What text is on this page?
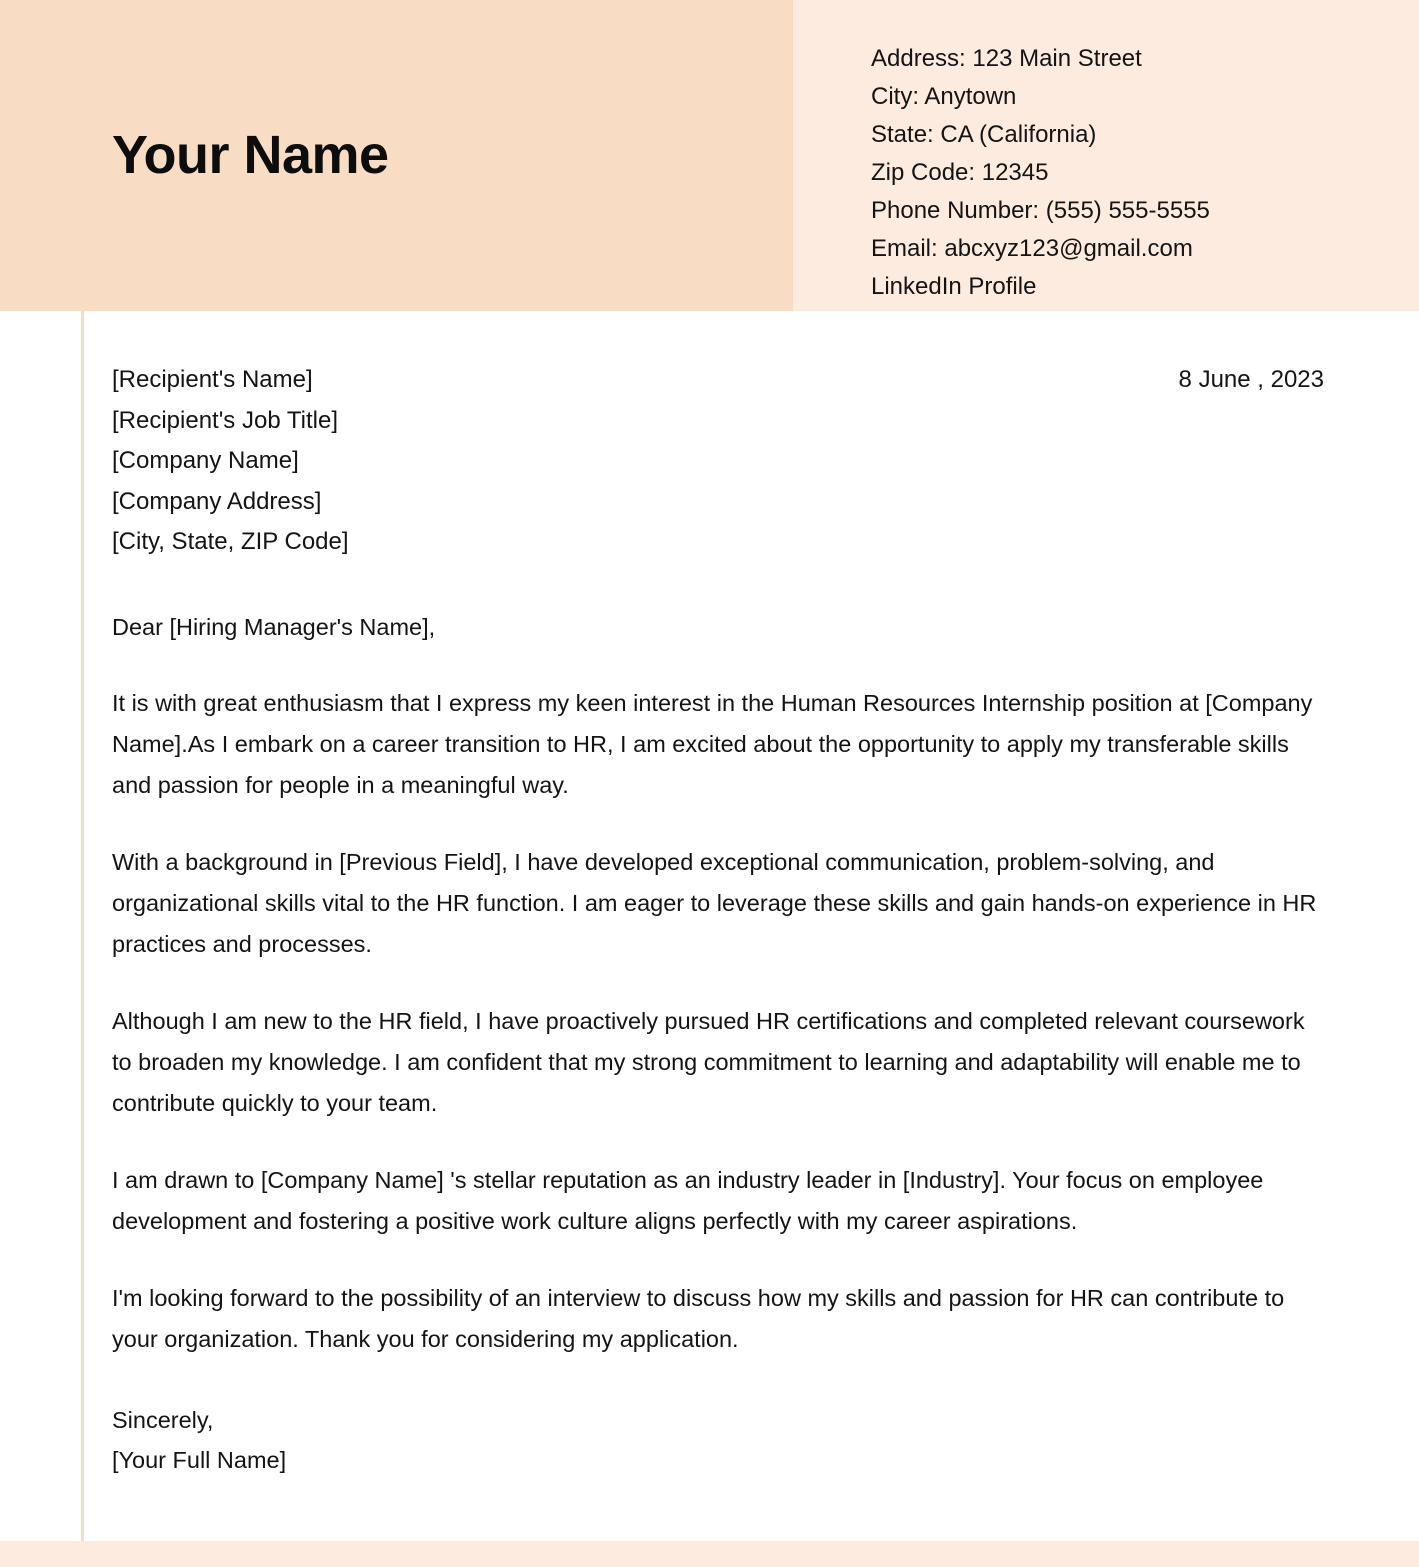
Your Name
Address: 123 Main Street
City: Anytown
State: CA (California)
Zip Code: 12345
Phone Number: (555) 555-5555
Email: abcxyz123@gmail.com
LinkedIn Profile
[Recipient's Name]
[Recipient's Job Title]
[Company Name]
[Company Address]
[City, State, ZIP Code]
8 June , 2023
Dear [Hiring Manager's Name],

It is with great enthusiasm that I express my keen interest in the Human Resources Internship position at [Company Name].As I embark on a career transition to HR, I am excited about the opportunity to apply my transferable skills and passion for people in a meaningful way.

With a background in [Previous Field], I have developed exceptional communication, problem-solving, and organizational skills vital to the HR function. I am eager to leverage these skills and gain hands-on experience in HR practices and processes.

Although I am new to the HR field, I have proactively pursued HR certifications and completed relevant coursework to broaden my knowledge. I am confident that my strong commitment to learning and adaptability will enable me to contribute quickly to your team.

I am drawn to [Company Name] 's stellar reputation as an industry leader in [Industry]. Your focus on employee development and fostering a positive work culture aligns perfectly with my career aspirations.

I'm looking forward to the possibility of an interview to discuss how my skills and passion for HR can contribute to your organization. Thank you for considering my application.

Sincerely,
[Your Full Name]
